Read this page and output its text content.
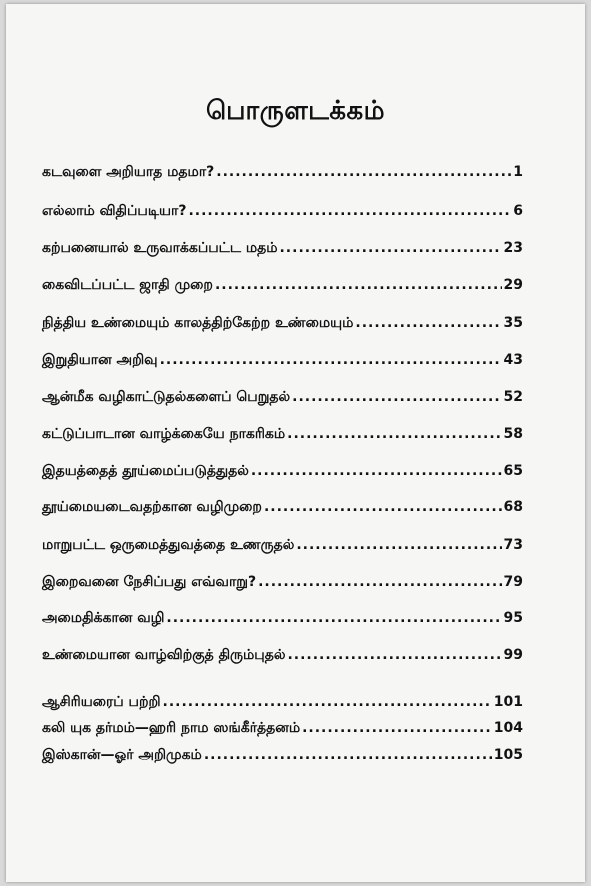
பொருளடக்கம்
கடவுளை அறியாத மதமா? .....	1
எல்லாம் விதிப்படியா? .....	6
கற்பனையால் உருவாக்கப்பட்ட மதம் .....	23
கைவிடப்பட்ட ஜாதி முறை .....	29
நித்திய உண்மையும் காலத்திற்கேற்ற உண்மையும் .....	35
இறுதியான அறிவு .....	43
ஆன்மீக வழிகாட்டுதல்களைப் பெறுதல் .....	52
கட்டுப்பாடான வாழ்க்கையே நாகரிகம் .....	58
இதயத்தைத் தூய்மைப்படுத்துதல் .....	65
தூய்மையடைவதற்கான வழிமுறை .....	68
மாறுபட்ட ஒருமைத்துவத்தை உணருதல் .....	73
இறைவனை நேசிப்பது எவ்வாறு? .....	79
அமைதிக்கான வழி .....	95
உண்மையான வாழ்விற்குத் திரும்புதல் .....	99
ஆசிரியரைப் பற்றி .....	101
கலி யுக தர்மம்—ஹரி நாம ஸங்கீர்த்தனம் .....	104
இஸ்கான்—ஓர் அறிமுகம் .....	105
